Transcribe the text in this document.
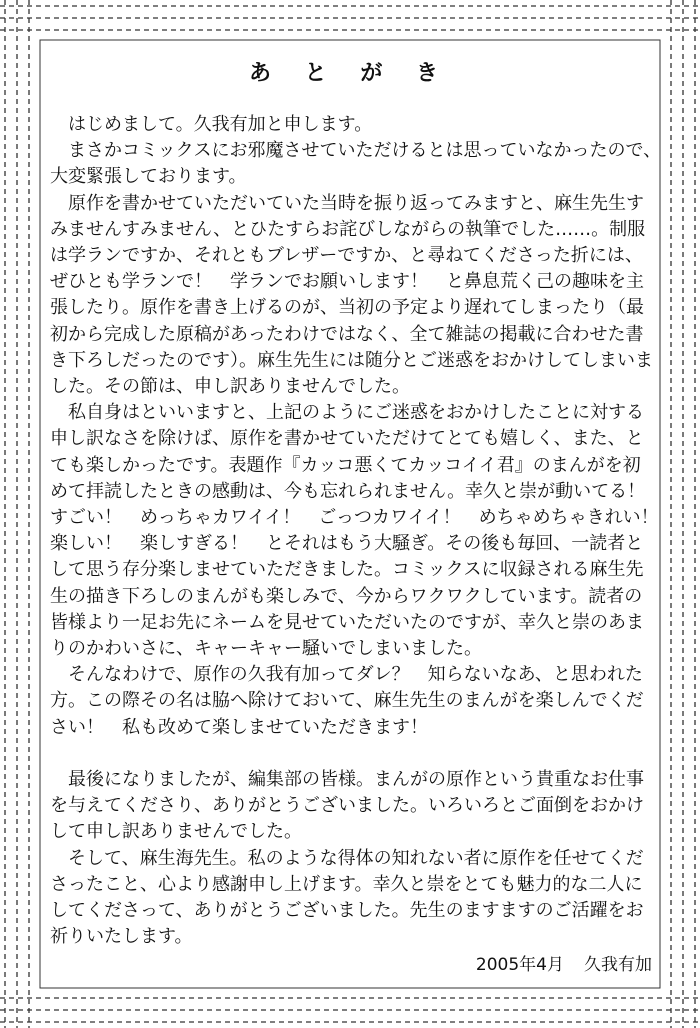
あ と が き

　はじめまして。久我有加と申します。

　まさかコミックスにお邪魔させていただけるとは思っていなかったので、

大変緊張しております。

　原作を書かせていただいていた当時を振り返ってみますと、麻生先生す

みませんすみません、とひたすらお詫びしながらの執筆でした……。制服

は学ランですか、それともブレザーですか、と尋ねてくださった折には、

ぜひとも学ランで！　学ランでお願いします！　と鼻息荒く己の趣味を主

張したり。原作を書き上げるのが、当初の予定より遅れてしまったり（最

初から完成した原稿があったわけではなく、全て雑誌の掲載に合わせた書

き下ろしだったのです）。麻生先生には随分とご迷惑をおかけしてしまいま

した。その節は、申し訳ありませんでした。

　私自身はといいますと、上記のようにご迷惑をおかけしたことに対する

申し訳なさを除けば、原作を書かせていただけてとても嬉しく、また、と

ても楽しかったです。表題作『カッコ悪くてカッコイイ君』のまんがを初

めて拝読したときの感動は、今も忘れられません。幸久と崇が動いてる！

すごい！　めっちゃカワイイ！　ごっつカワイイ！　めちゃめちゃきれい！

楽しい！　楽しすぎる！　とそれはもう大騒ぎ。その後も毎回、一読者と

して思う存分楽しませていただきました。コミックスに収録される麻生先

生の描き下ろしのまんがも楽しみで、今からワクワクしています。読者の

皆様より一足お先にネームを見せていただいたのですが、幸久と崇のあま

りのかわいさに、キャーキャー騒いでしまいました。

　そんなわけで、原作の久我有加ってダレ？　知らないなあ、と思われた

方。この際その名は脇へ除けておいて、麻生先生のまんがを楽しんでくだ

さい！　私も改めて楽しませていただきます！

　最後になりましたが、編集部の皆様。まんがの原作という貴重なお仕事

を与えてくださり、ありがとうございました。いろいろとご面倒をおかけ

して申し訳ありませんでした。

　そして、麻生海先生。私のような得体の知れない者に原作を任せてくだ

さったこと、心より感謝申し上げます。幸久と崇をとても魅力的な二人に

してくださって、ありがとうございました。先生のますますのご活躍をお

祈りいたします。

2005年4月 久我有加
